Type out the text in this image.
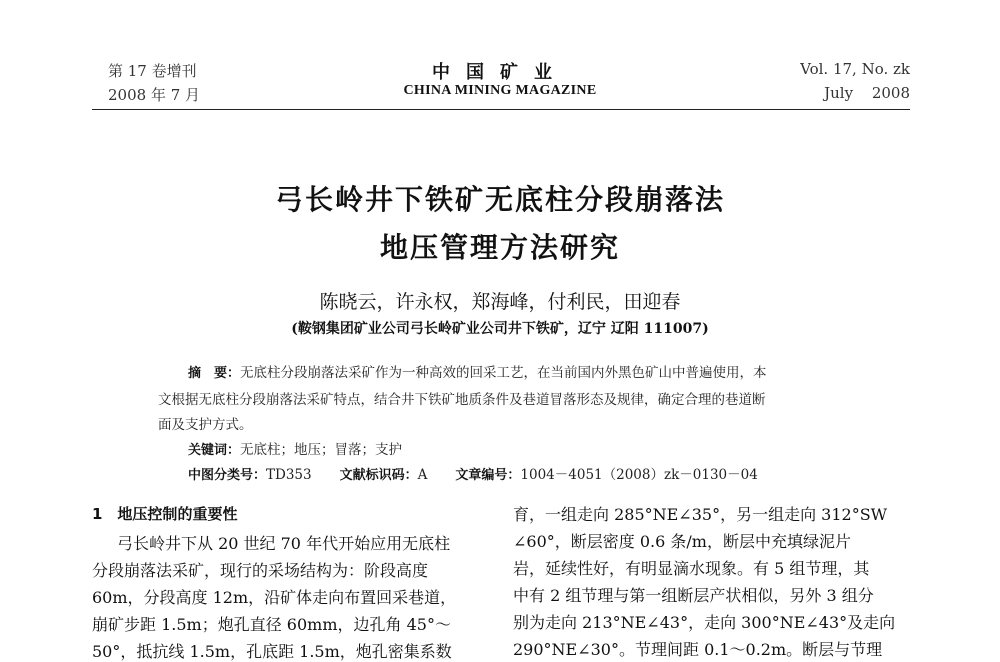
第 17 卷增刊
2008 年 7 月
中国矿业
CHINA MINING MAGAZINE
Vol. 17, No. zk
July 2008
弓长岭井下铁矿无底柱分段崩落法
地压管理方法研究
陈晓云，许永权，郑海峰，付利民，田迎春
(鞍钢集团矿业公司弓长岭矿业公司井下铁矿，辽宁 辽阳 111007)
摘　要：无底柱分段崩落法采矿作为一种高效的回采工艺，在当前国内外黑色矿山中普遍使用，本
文根据无底柱分段崩落法采矿特点，结合井下铁矿地质条件及巷道冒落形态及规律，确定合理的巷道断
面及支护方式。
关键词：无底柱；地压；冒落；支护
中图分类号：TD353 文献标识码：A 文章编号：1004－4051（2008）zk－0130－04
1　地压控制的重要性
弓长岭井下从 20 世纪 70 年代开始应用无底柱
分段崩落法采矿，现行的采场结构为：阶段高度
60m，分段高度 12m，沿矿体走向布置回采巷道，
崩矿步距 1.5m；炮孔直径 60mm，边孔角 45°～
50°，抵抗线 1.5m，孔底距 1.5m，炮孔密集系数
育，一组走向 285°NE∠35°，另一组走向 312°SW
∠60°，断层密度 0.6 条/m，断层中充填绿泥片
岩，延续性好，有明显滴水现象。有 5 组节理，其
中有 2 组节理与第一组断层产状相似，另外 3 组分
别为走向 213°NE∠43°，走向 300°NE∠43°及走向
290°NE∠30°。节理间距 0.1～0.2m。断层与节理
